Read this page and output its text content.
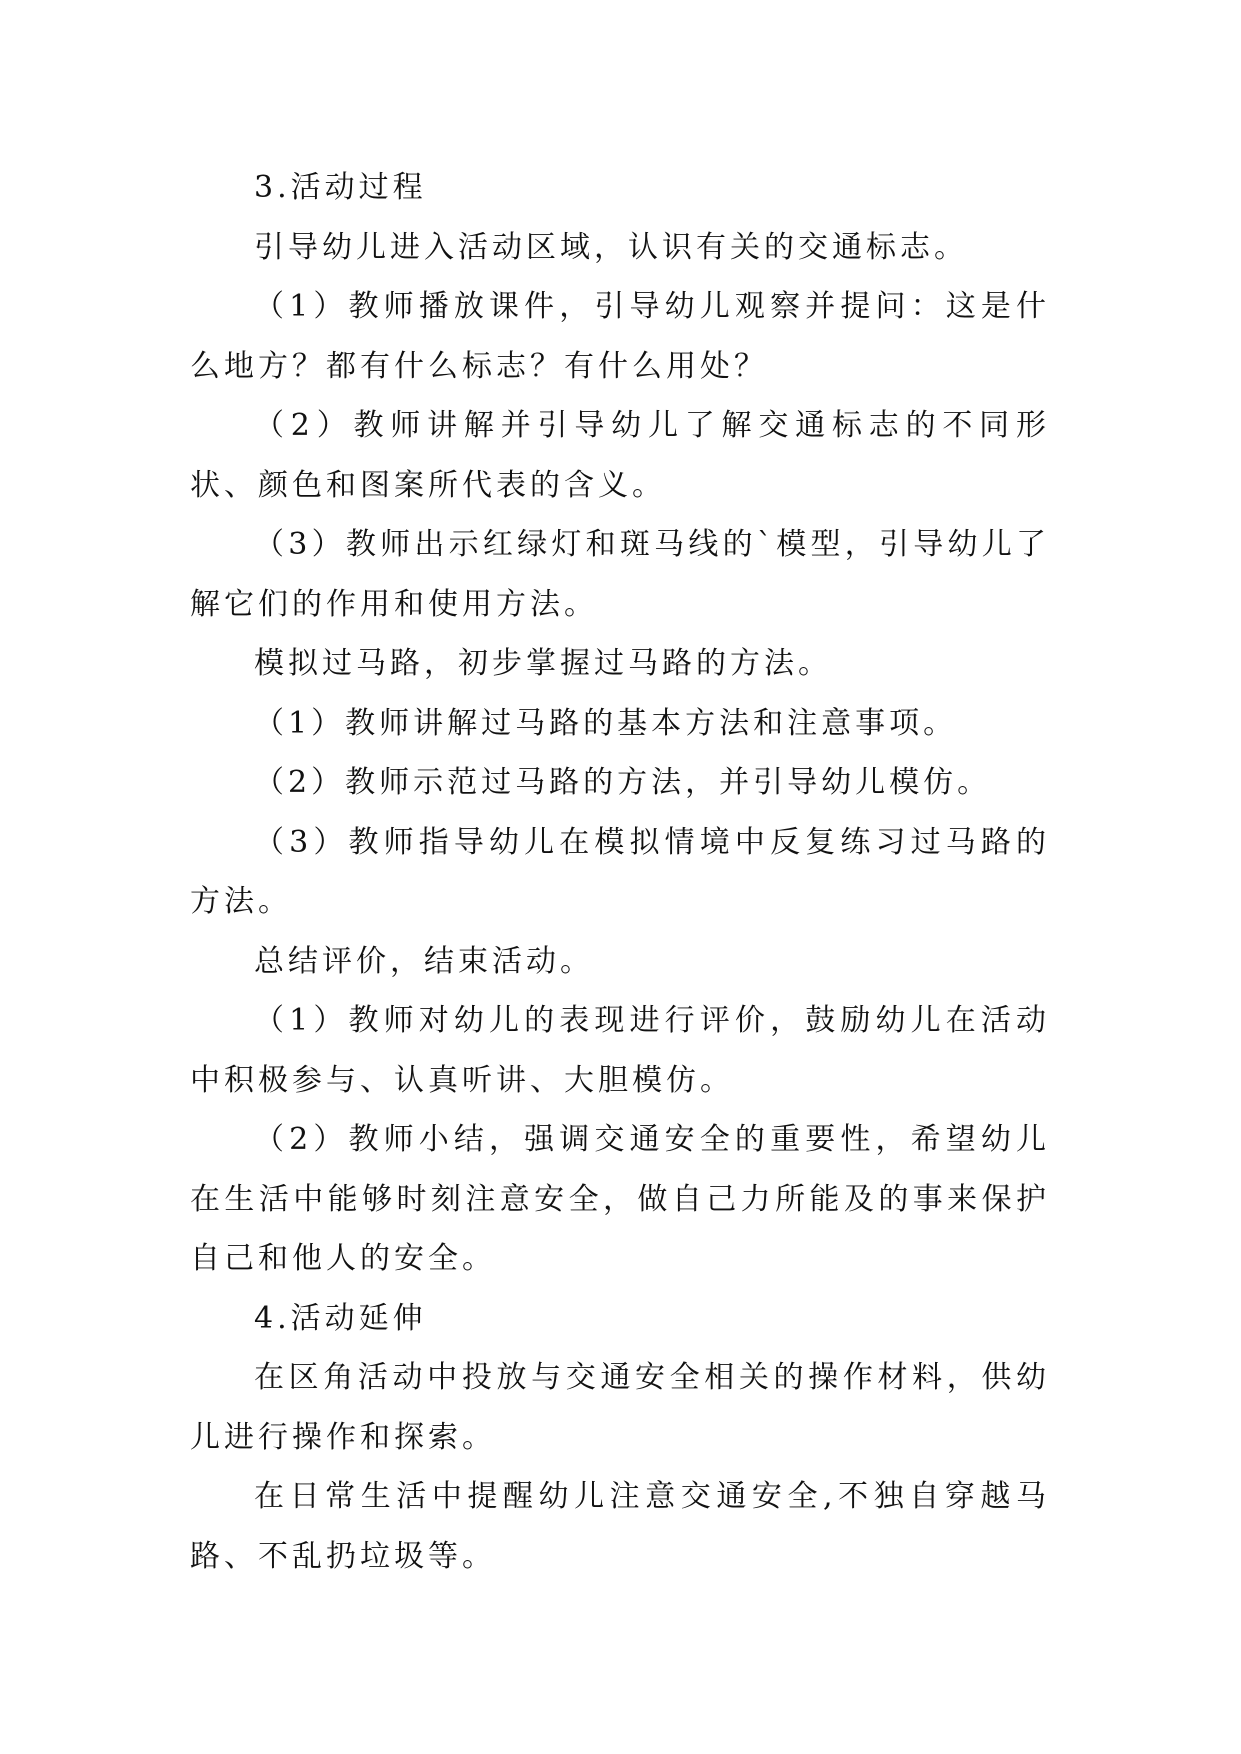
3.活动过程

引导幼儿进入活动区域，认识有关的交通标志。

（1）教师播放课件，引导幼儿观察并提问：这是什么地方？都有什么标志？有什么用处？

（2）教师讲解并引导幼儿了解交通标志的不同形状、颜色和图案所代表的含义。

（3）教师出示红绿灯和斑马线的`模型，引导幼儿了解它们的作用和使用方法。

模拟过马路，初步掌握过马路的方法。

（1）教师讲解过马路的基本方法和注意事项。

（2）教师示范过马路的方法，并引导幼儿模仿。

（3）教师指导幼儿在模拟情境中反复练习过马路的方法。

总结评价，结束活动。

（1）教师对幼儿的表现进行评价，鼓励幼儿在活动中积极参与、认真听讲、大胆模仿。

（2）教师小结，强调交通安全的重要性，希望幼儿在生活中能够时刻注意安全，做自己力所能及的事来保护自己和他人的安全。

4.活动延伸

在区角活动中投放与交通安全相关的操作材料，供幼儿进行操作和探索。

在日常生活中提醒幼儿注意交通安全,不独自穿越马路、不乱扔垃圾等。
